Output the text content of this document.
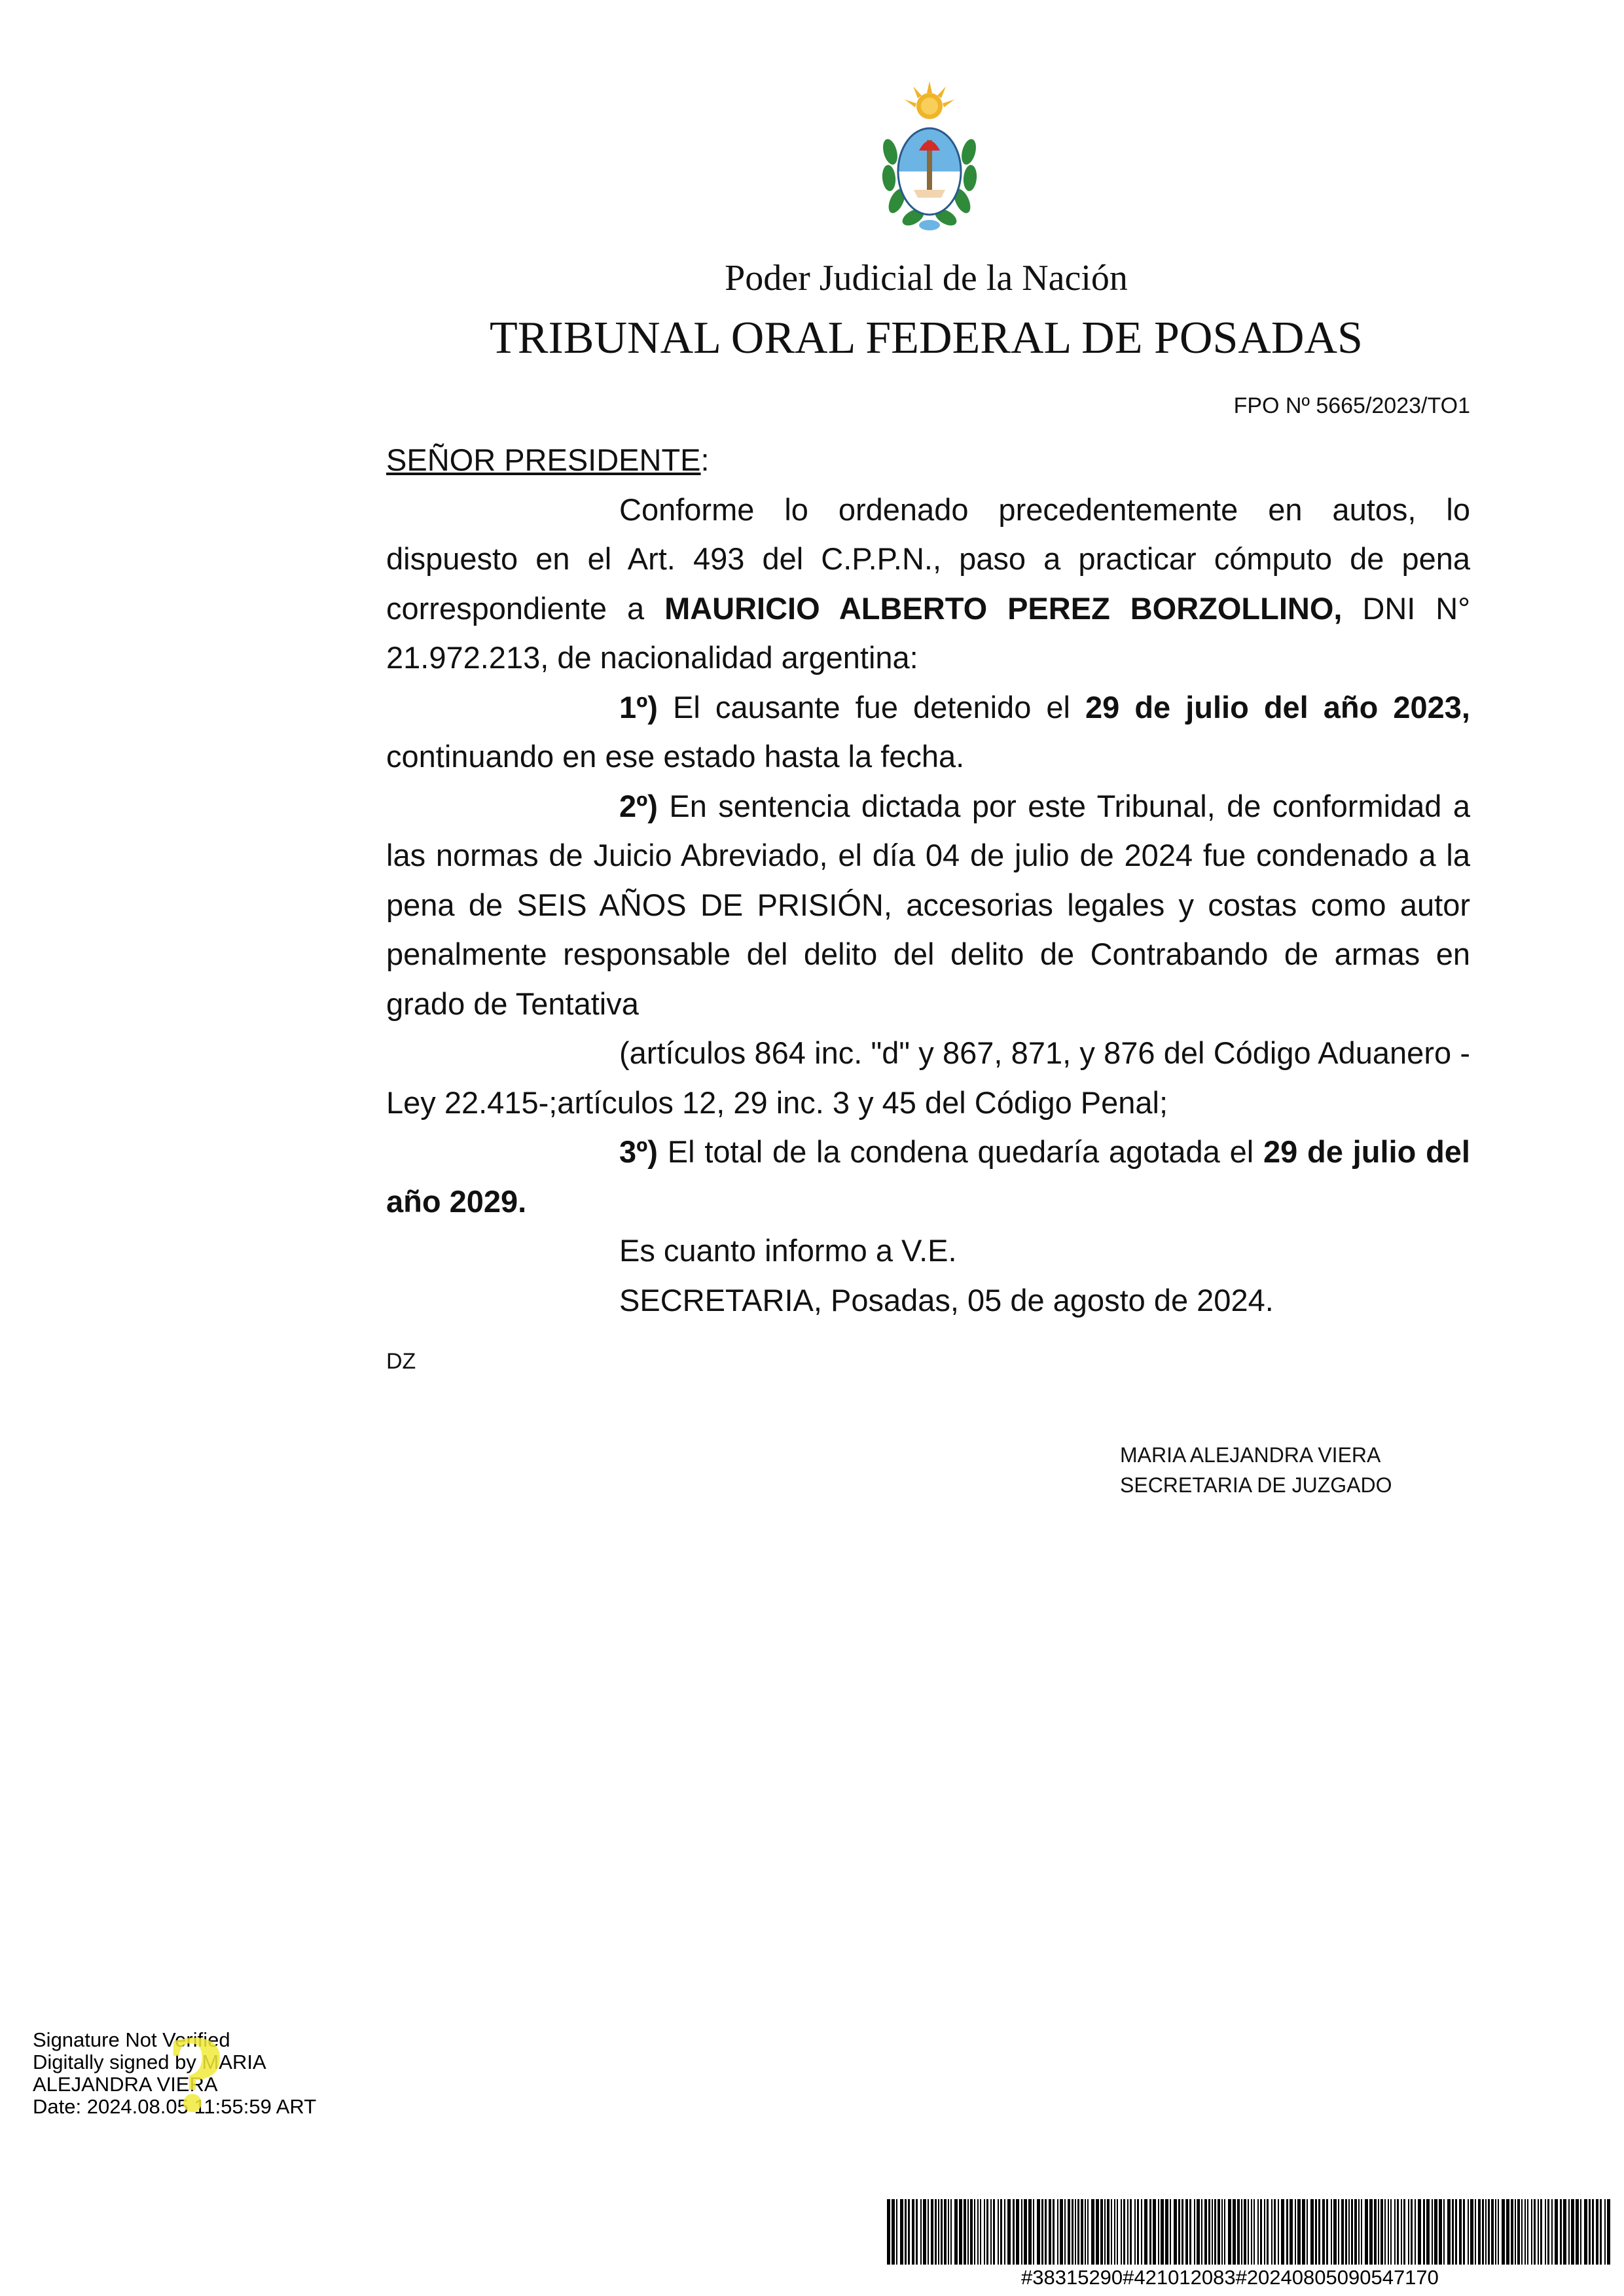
Poder Judicial de la Nación
TRIBUNAL ORAL FEDERAL DE POSADAS
FPO Nº 5665/2023/TO1

SEÑOR PRESIDENTE:

Conforme lo ordenado precedentemente en autos, lo dispuesto en el Art. 493 del C.P.P.N., paso a practicar cómputo de pena correspondiente a MAURICIO ALBERTO PEREZ BORZOLLINO, DNI N° 21.972.213, de nacionalidad argentina:

1º) El causante fue detenido el 29 de julio del año 2023, continuando en ese estado hasta la fecha.

2º) En sentencia dictada por este Tribunal, de conformidad a las normas de Juicio Abreviado, el día 04 de julio de 2024 fue condenado a la pena de SEIS AÑOS DE PRISIÓN, accesorias legales y costas como autor penalmente responsable del delito del delito de Contrabando de armas en grado de Tentativa

(artículos 864 inc. "d" y 867, 871, y 876 del Código Aduanero -Ley 22.415-;artículos 12, 29 inc. 3 y 45 del Código Penal;

3º) El total de la condena quedaría agotada el 29 de julio del año 2029.

Es cuanto informo a V.E.

SECRETARIA, Posadas, 05 de agosto de 2024.

DZ
MARIA ALEJANDRA VIERA
SECRETARIA DE JUZGADO
Signature Not Verified
Digitally signed by MARIA
ALEJANDRA VIERA
Date: 2024.08.05 11:55:59 ART
?
#38315290#421012083#20240805090547170
